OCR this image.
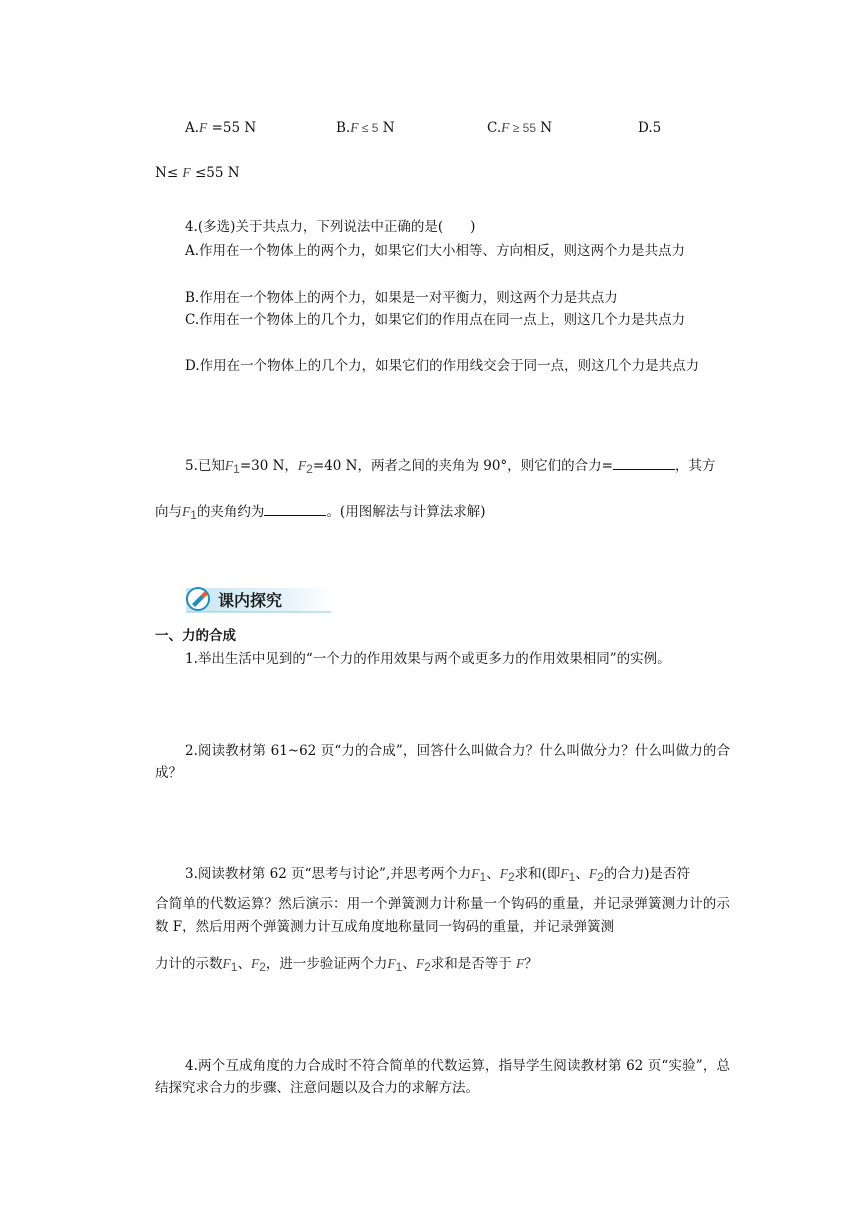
A.F =55 N	B.F ≤ 5 N	C.F ≥ 55 N	D.5
N≤ F ≤55 N
4.(多选)关于共点力，下列说法中正确的是(　　)
A.作用在一个物体上的两个力，如果它们大小相等、方向相反，则这两个力是共点力
B.作用在一个物体上的两个力，如果是一对平衡力，则这两个力是共点力
C.作用在一个物体上的几个力，如果它们的作用点在同一点上，则这几个力是共点力
D.作用在一个物体上的几个力，如果它们的作用线交会于同一点，则这几个力是共点力
5.已知$F_1=30$ N，$F_2=40$ N，两者之间的夹角为 90°，则它们的合力=	，其方
向与$F_1$的夹角约为	。(用图解法与计算法求解)
课内探究
一、力的合成
1.举出生活中见到的“一个力的作用效果与两个或更多力的作用效果相同”的实例。
2.阅读教材第 61~62 页“力的合成”，回答什么叫做合力？什么叫做分力？什么叫做力的合成？
3.阅读教材第 62 页“思考与讨论”,并思考两个力$F_1$、$F_2$求和(即$F_1$、$F_2$的合力)是否符
合简单的代数运算？然后演示：用一个弹簧测力计称量一个钩码的重量，并记录弹簧测力计的示数 F，然后用两个弹簧测力计互成角度地称量同一钩码的重量，并记录弹簧测
力计的示数$F_1$、$F_2$，进一步验证两个力$F_1$、$F_2$求和是否等于 F？
4.两个互成角度的力合成时不符合简单的代数运算，指导学生阅读教材第 62 页“实验”，总结探究求合力的步骤、注意问题以及合力的求解方法。
